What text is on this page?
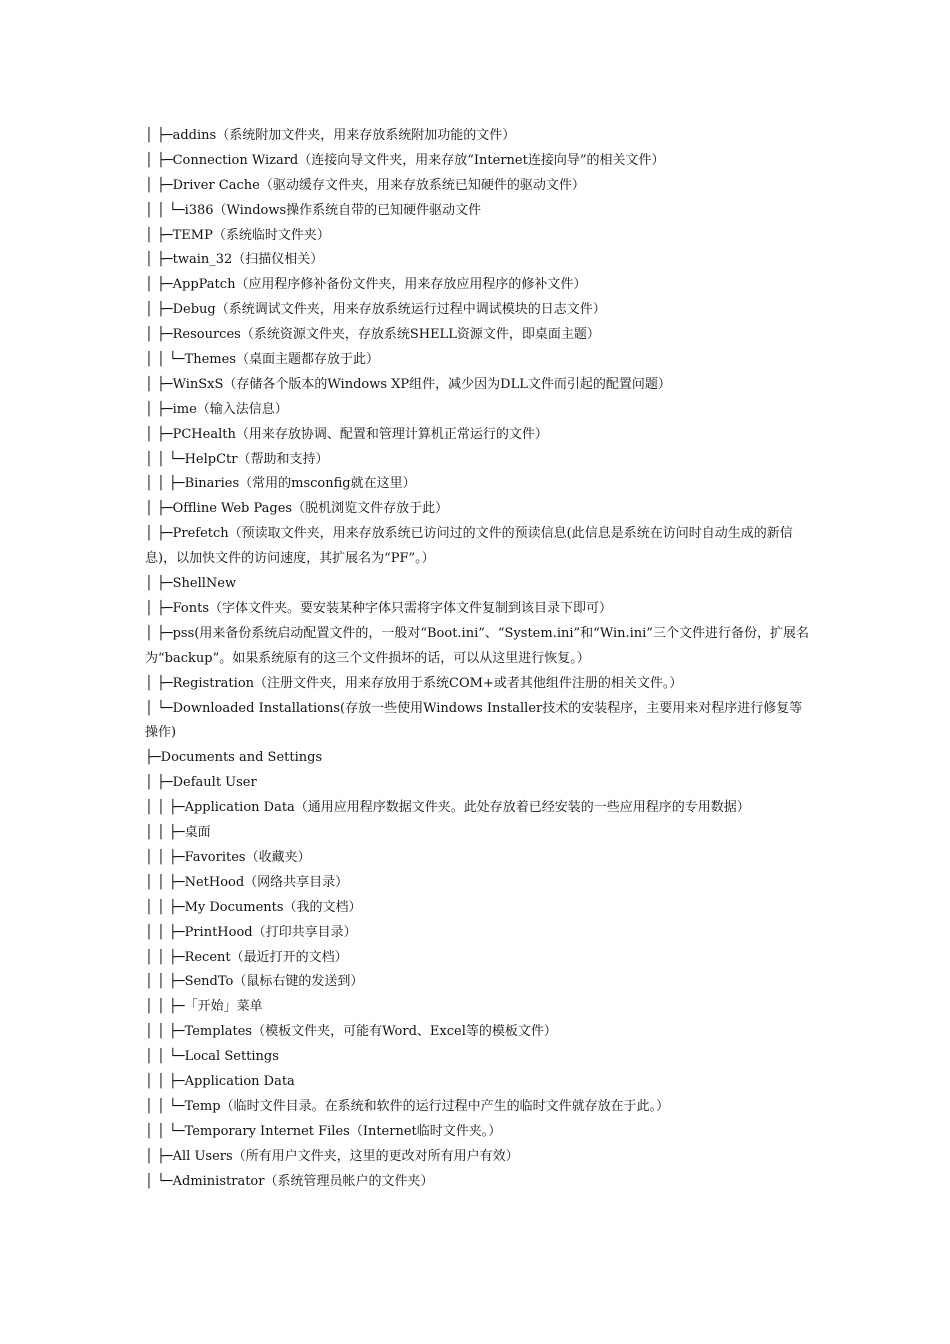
│ ├─addins（系统附加文件夹，用来存放系统附加功能的文件）
│ ├─Connection Wizard（连接向导文件夹，用来存放“Internet连接向导”的相关文件）
│ ├─Driver Cache（驱动缓存文件夹，用来存放系统已知硬件的驱动文件）
│ │ └─i386（Windows操作系统自带的已知硬件驱动文件
│ ├─TEMP（系统临时文件夹）
│ ├─twain_32（扫描仪相关）
│ ├─AppPatch（应用程序修补备份文件夹，用来存放应用程序的修补文件）
│ ├─Debug（系统调试文件夹，用来存放系统运行过程中调试模块的日志文件）
│ ├─Resources（系统资源文件夹，存放系统SHELL资源文件，即桌面主题）
│ │ └─Themes（桌面主题都存放于此）
│ ├─WinSxS（存储各个版本的Windows XP组件，减少因为DLL文件而引起的配置问题）
│ ├─ime（输入法信息）
│ ├─PCHealth（用来存放协调、配置和管理计算机正常运行的文件）
│ │ └─HelpCtr（帮助和支持）
│ │ ├─Binaries（常用的msconfig就在这里）
│ ├─Offline Web Pages（脱机浏览文件存放于此）
│ ├─Prefetch（预读取文件夹，用来存放系统已访问过的文件的预读信息(此信息是系统在访问时自动生成的新信息)，以加快文件的访问速度，其扩展名为“PF”。）
│ ├─ShellNew
│ ├─Fonts（字体文件夹。要安装某种字体只需将字体文件复制到该目录下即可）
│ ├─pss(用来备份系统启动配置文件的，一般对“Boot.ini”、“System.ini”和“Win.ini”三个文件进行备份，扩展名为“backup”。如果系统原有的这三个文件损坏的话，可以从这里进行恢复。）
│ ├─Registration（注册文件夹，用来存放用于系统COM+或者其他组件注册的相关文件。）
│ └─Downloaded Installations(存放一些使用Windows Installer技术的安装程序，主要用来对程序进行修复等操作)
├─Documents and Settings
│ ├─Default User
│ │ ├─Application Data（通用应用程序数据文件夹。此处存放着已经安装的一些应用程序的专用数据）
│ │ ├─桌面
│ │ ├─Favorites（收藏夹）
│ │ ├─NetHood（网络共享目录）
│ │ ├─My Documents（我的文档）
│ │ ├─PrintHood（打印共享目录）
│ │ ├─Recent（最近打开的文档）
│ │ ├─SendTo（鼠标右键的发送到）
│ │ ├─「开始」菜单
│ │ ├─Templates（模板文件夹，可能有Word、Excel等的模板文件）
│ │ └─Local Settings
│ │ ├─Application Data
│ │ └─Temp（临时文件目录。在系统和软件的运行过程中产生的临时文件就存放在于此。）
│ │ └─Temporary Internet Files（Internet临时文件夹。）
│ ├─All Users（所有用户文件夹，这里的更改对所有用户有效）
│ └─Administrator（系统管理员帐户的文件夹）
